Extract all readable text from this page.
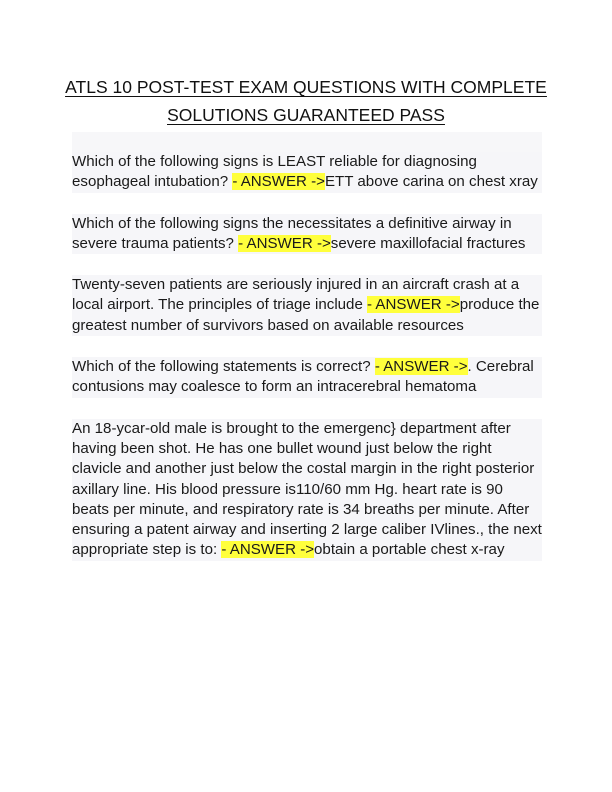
ATLS 10 POST-TEST EXAM QUESTIONS WITH COMPLETE
SOLUTIONS GUARANTEED PASS

Which of the following signs is LEAST reliable for diagnosing esophageal intubation? - ANSWER ->ETT above carina on chest xray

Which of the following signs the necessitates a definitive airway in severe trauma patients? - ANSWER ->severe maxillofacial fractures

Twenty-seven patients are seriously injured in an aircraft crash at a local airport. The principles of triage include - ANSWER ->produce the greatest number of survivors based on available resources

Which of the following statements is correct? - ANSWER ->. Cerebral contusions may coalesce to form an intracerebral hematoma

An 18-ycar-old male is brought to the emergenc} department after having been shot. He has one bullet wound just below the right clavicle and another just below the costal margin in the right posterior axillary line. His blood pressure is110/60 mm Hg. heart rate is 90 beats per minute, and respiratory rate is 34 breaths per minute. After ensuring a patent airway and inserting 2 large caliber IVlines., the next appropriate step is to: - ANSWER ->obtain a portable chest x-ray
